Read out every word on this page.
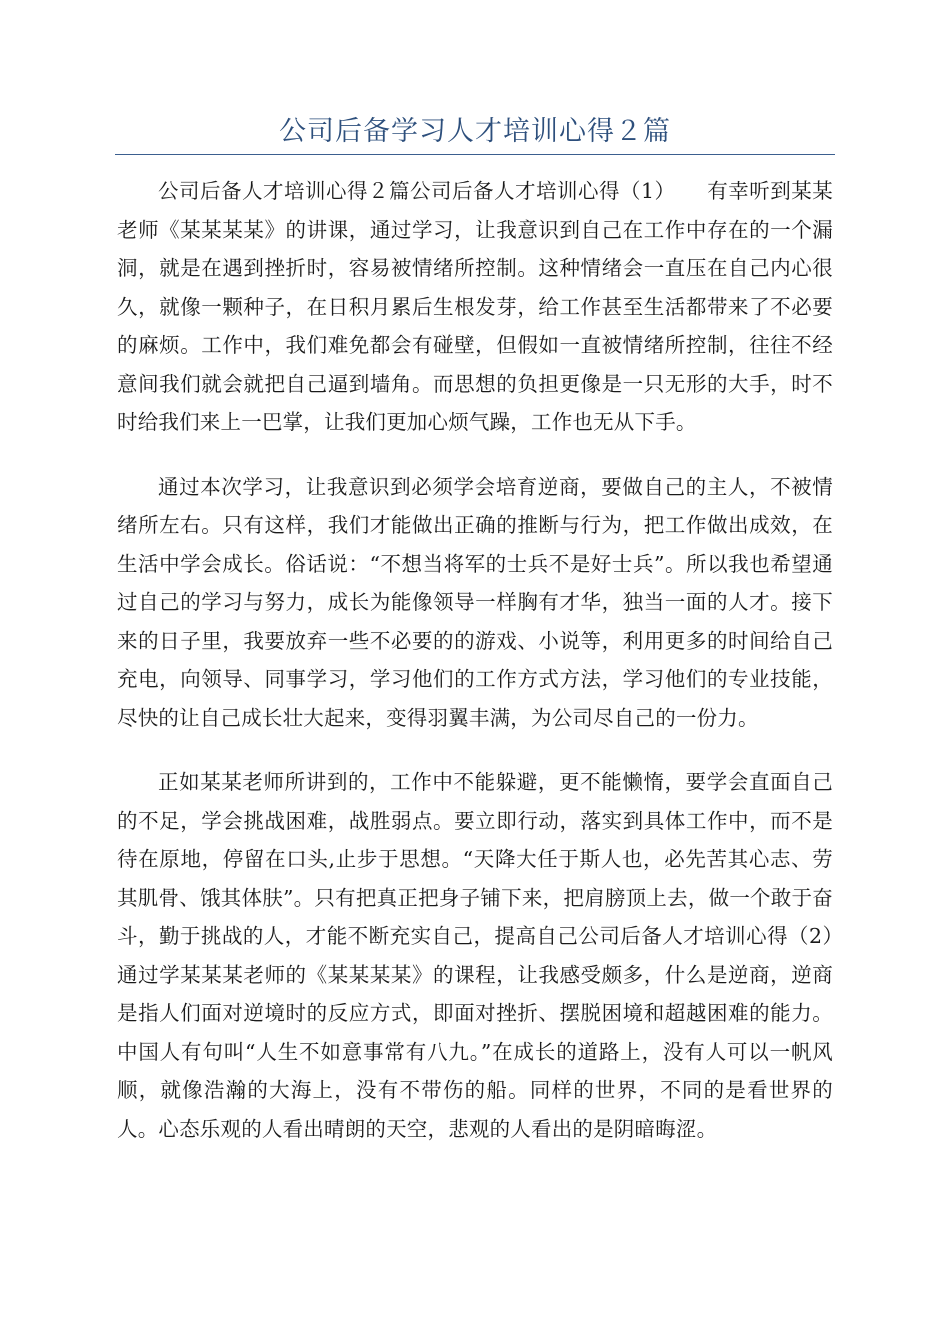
公司后备学习人才培训心得２篇

公司后备人才培训心得２篇公司后备人才培训心得（1）　　有幸听到某某老师《某某某某》的讲课，通过学习，让我意识到自己在工作中存在的一个漏洞，就是在遇到挫折时，容易被情绪所控制。这种情绪会一直压在自己内心很久，就像一颗种子，在日积月累后生根发芽，给工作甚至生活都带来了不必要的麻烦。工作中，我们难免都会有碰壁，但假如一直被情绪所控制，往往不经意间我们就会就把自己逼到墙角。而思想的负担更像是一只无形的大手，时不时给我们来上一巴掌，让我们更加心烦气躁，工作也无从下手。

通过本次学习，让我意识到必须学会培育逆商，要做自己的主人，不被情绪所左右。只有这样，我们才能做出正确的推断与行为，把工作做出成效，在生活中学会成长。俗话说：“不想当将军的士兵不是好士兵”。所以我也希望通过自己的学习与努力，成长为能像领导一样胸有才华，独当一面的人才。接下来的日子里，我要放弃一些不必要的的游戏、小说等，利用更多的时间给自己充电，向领导、同事学习，学习他们的工作方式方法，学习他们的专业技能，尽快的让自己成长壮大起来，变得羽翼丰满，为公司尽自己的一份力。

正如某某老师所讲到的，工作中不能躲避，更不能懒惰，要学会直面自己的不足，学会挑战困难，战胜弱点。要立即行动，落实到具体工作中，而不是待在原地，停留在口头,止步于思想。“天降大任于斯人也，必先苦其心志、劳其肌骨、饿其体肤”。只有把真正把身子铺下来，把肩膀顶上去，做一个敢于奋斗，勤于挑战的人，才能不断充实自己，提高自己公司后备人才培训心得（2）　　通过学某某某老师的《某某某某》的课程，让我感受颇多，什么是逆商，逆商是指人们面对逆境时的反应方式，即面对挫折、摆脱困境和超越困难的能力。中国人有句叫“人生不如意事常有八九。”在成长的道路上，没有人可以一帆风顺，就像浩瀚的大海上，没有不带伤的船。同样的世界，不同的是看世界的人。心态乐观的人看出晴朗的天空，悲观的人看出的是阴暗晦涩。
